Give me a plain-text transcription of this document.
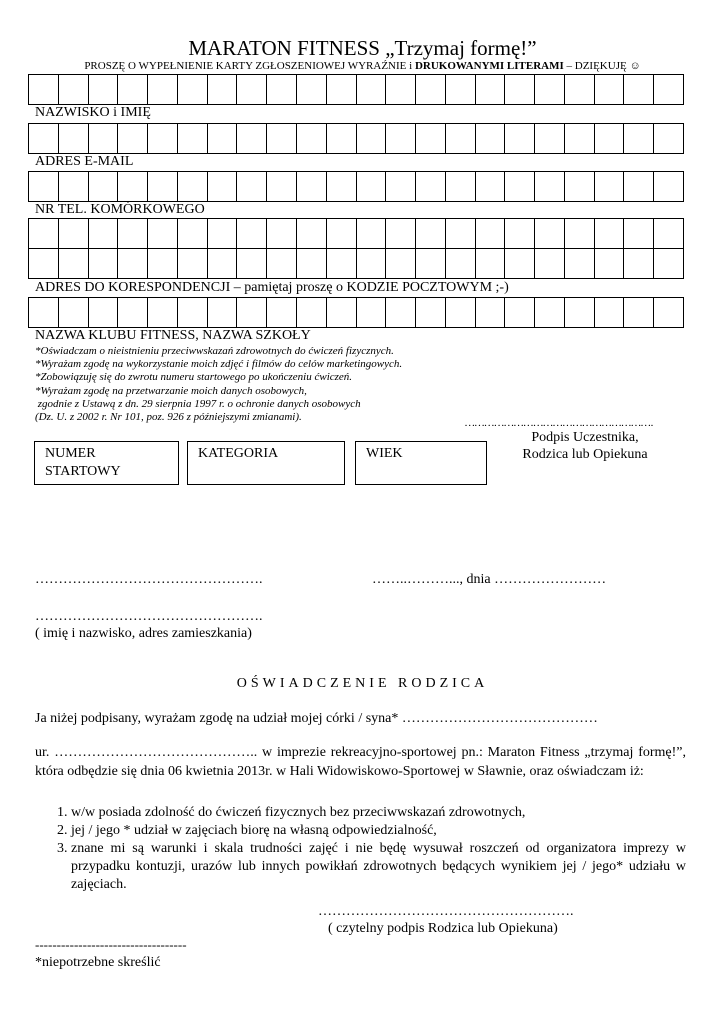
MARATON FITNESS „Trzymaj formę!”
PROSZĘ O WYPEŁNIENIE KARTY ZGŁOSZENIOWEJ WYRAŹNIE i DRUKOWANYMI LITERAMI – DZIĘKUJĘ ☺
NAZWISKO i IMIĘ
ADRES E-MAIL
NR TEL. KOMÓRKOWEGO
ADRES DO KORESPONDENCJI – pamiętaj proszę o KODZIE POCZTOWYM ;-)
NAZWA KLUBU FITNESS, NAZWA SZKOŁY
*Oświadczam o nieistnieniu przeciwwskazań zdrowotnych do ćwiczeń fizycznych.
*Wyrażam zgodę na wykorzystanie moich zdjęć i filmów do celów marketingowych.
*Zobowiązuję się do zwrotu numeru startowego po ukończeniu ćwiczeń.
*Wyrażam zgodę na przetwarzanie moich danych osobowych,
zgodnie z Ustawą z dn. 29 sierpnia 1997 r. o ochronie danych osobowych
(Dz. U. z 2002 r. Nr 101, poz. 926 z późniejszymi zmianami).	………………………………………………….
Podpis Uczestnika,
Rodzica lub Opiekuna
NUMER
STARTOWY
KATEGORIA	WIEK
………………………………………….	……..………..., dnia ……………………
………………………………………….
( imię i nazwisko, adres zamieszkania)
OŚWIADCZENIE RODZICA
Ja niżej podpisany, wyrażam zgodę na udział mojej córki / syna* ……………………………………
ur. …………………………………….. w imprezie rekreacyjno-sportowej pn.: Maraton Fitness „trzymaj formę!”, która odbędzie się dnia 06 kwietnia 2013r. w Hali Widowiskowo-Sportowej w Sławnie, oraz oświadczam iż:
1. w/w posiada zdolność do ćwiczeń fizycznych bez przeciwwskazań zdrowotnych,
2. jej / jego * udział w zajęciach biorę na własną odpowiedzialność,
3. znane mi są warunki i skala trudności zajęć i nie będę wysuwał roszczeń od organizatora imprezy w przypadku kontuzji, urazów lub innych powikłań zdrowotnych będących wynikiem jej / jego* udziału w zajęciach.
……………………………………………….
( czytelny podpis Rodzica lub Opiekuna)
-----------------------------------
*niepotrzebne skreślić
